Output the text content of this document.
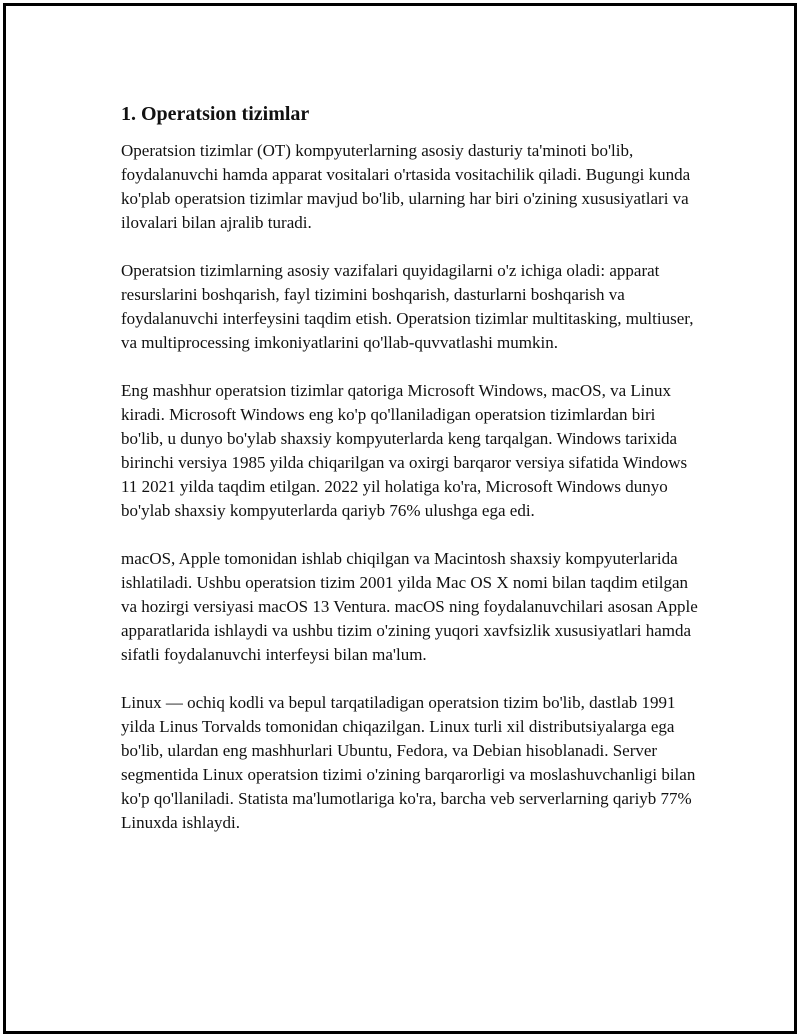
1. Operatsion tizimlar

Operatsion tizimlar (OT) kompyuterlarning asosiy dasturiy ta'minoti bo'lib, foydalanuvchi hamda apparat vositalari o'rtasida vositachilik qiladi. Bugungi kunda ko'plab operatsion tizimlar mavjud bo'lib, ularning har biri o'zining xususiyatlari va ilovalari bilan ajralib turadi.

Operatsion tizimlarning asosiy vazifalari quyidagilarni o'z ichiga oladi: apparat resurslarini boshqarish, fayl tizimini boshqarish, dasturlarni boshqarish va foydalanuvchi interfeysini taqdim etish. Operatsion tizimlar multitasking, multiuser, va multiprocessing imkoniyatlarini qo'llab-quvvatlashi mumkin.

Eng mashhur operatsion tizimlar qatoriga Microsoft Windows, macOS, va Linux kiradi. Microsoft Windows eng ko'p qo'llaniladigan operatsion tizimlardan biri bo'lib, u dunyo bo'ylab shaxsiy kompyuterlarda keng tarqalgan. Windows tarixida birinchi versiya 1985 yilda chiqarilgan va oxirgi barqaror versiya sifatida Windows 11 2021 yilda taqdim etilgan. 2022 yil holatiga ko'ra, Microsoft Windows dunyo bo'ylab shaxsiy kompyuterlarda qariyb 76% ulushga ega edi.

macOS, Apple tomonidan ishlab chiqilgan va Macintosh shaxsiy kompyuterlarida ishlatiladi. Ushbu operatsion tizim 2001 yilda Mac OS X nomi bilan taqdim etilgan va hozirgi versiyasi macOS 13 Ventura. macOS ning foydalanuvchilari asosan Apple apparatlarida ishlaydi va ushbu tizim o'zining yuqori xavfsizlik xususiyatlari hamda sifatli foydalanuvchi interfeysi bilan ma'lum.

Linux — ochiq kodli va bepul tarqatiladigan operatsion tizim bo'lib, dastlab 1991 yilda Linus Torvalds tomonidan chiqazilgan. Linux turli xil distributsiyalarga ega bo'lib, ulardan eng mashhurlari Ubuntu, Fedora, va Debian hisoblanadi. Server segmentida Linux operatsion tizimi o'zining barqarorligi va moslashuvchanligi bilan ko'p qo'llaniladi. Statista ma'lumotlariga ko'ra, barcha veb serverlarning qariyb 77% Linuxda ishlaydi.
